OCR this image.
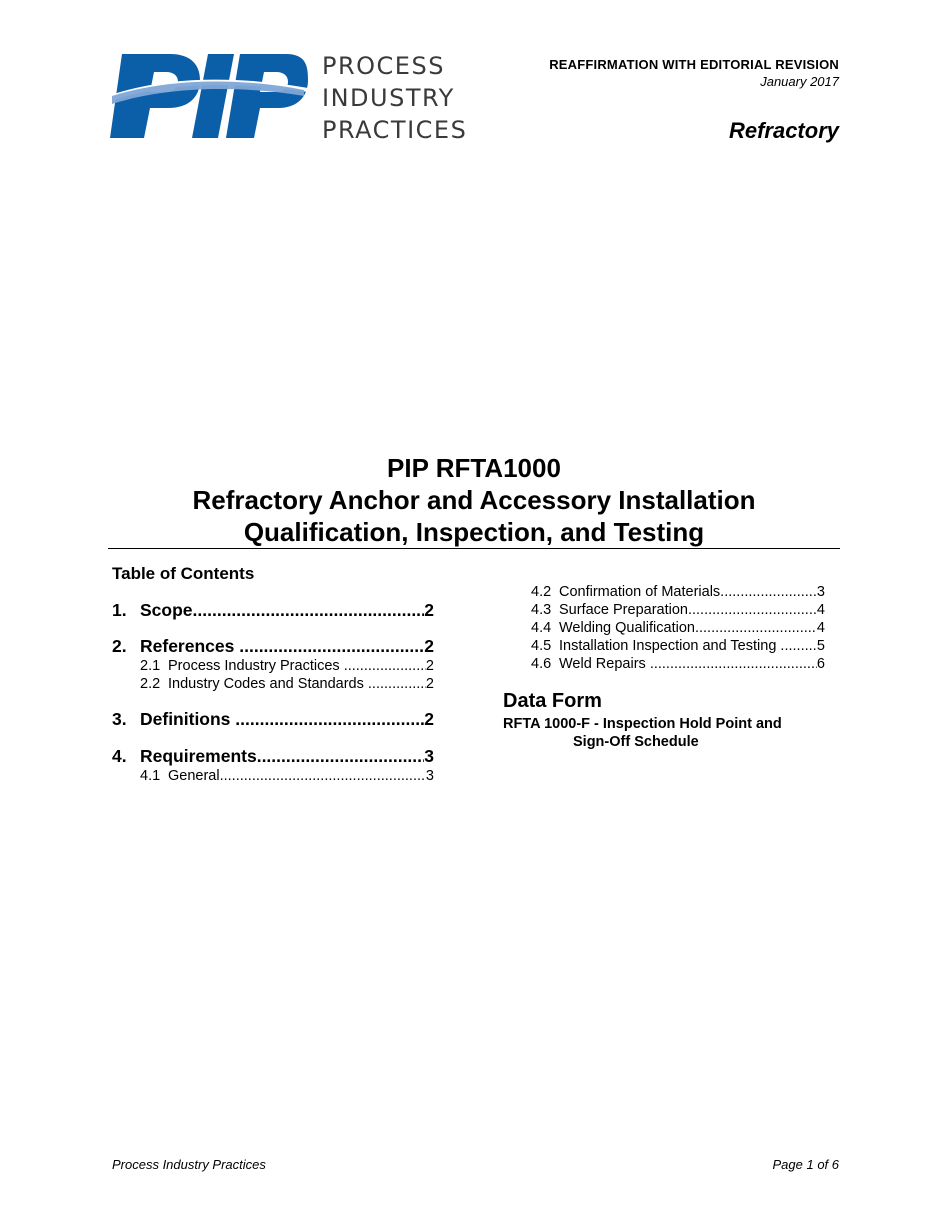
PROCESS
INDUSTRY
PRACTICES
REAFFIRMATION WITH EDITORIAL REVISION
January 2017
Refractory
PIP RFTA1000
Refractory Anchor and Accessory Installation
Qualification, Inspection, and Testing
Table of Contents
1. Scope .....	2
2. References .....	2
2.1 Process Industry Practices .....	2
2.2 Industry Codes and Standards .....	2
3. Definitions .....	2
4. Requirements .....	3
4.1 General .....	3
4.2 Confirmation of Materials .....	3
4.3 Surface Preparation .....	4
4.4 Welding Qualification .....	4
4.5 Installation Inspection and Testing .....	5
4.6 Weld Repairs .....	6
Data Form
RFTA 1000-F - Inspection Hold Point and
Sign-Off Schedule
Process Industry Practices	Page 1 of 6
